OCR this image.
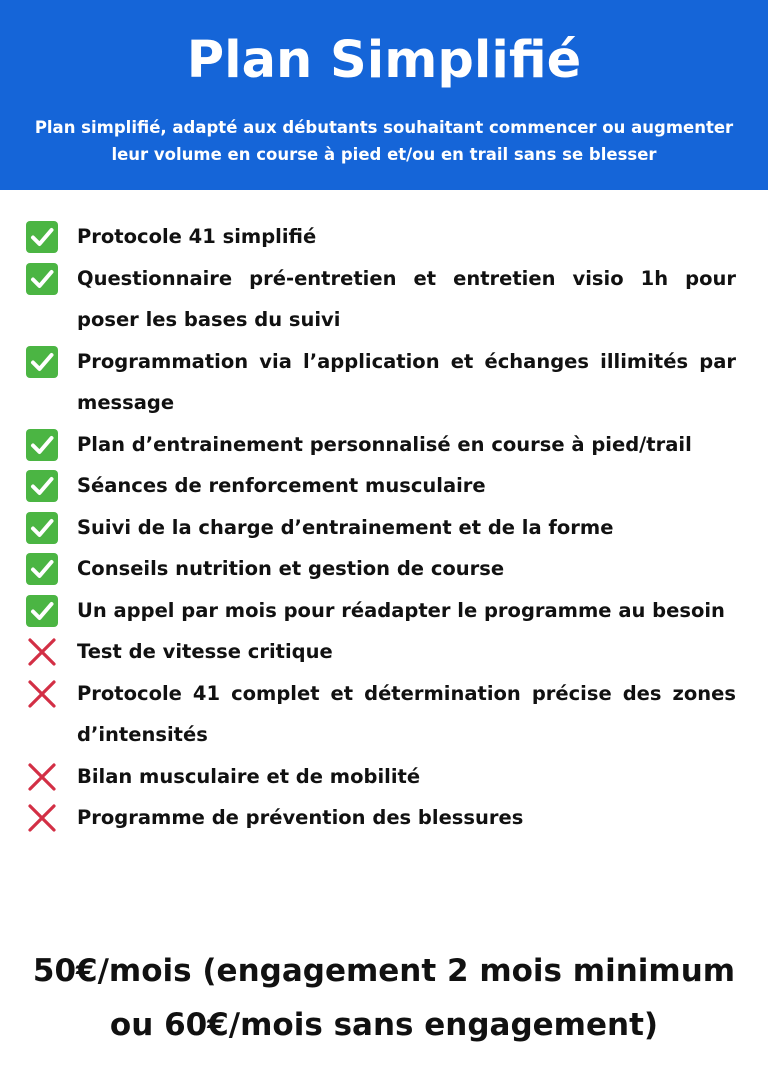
Plan Simplifié

Plan simplifié, adapté aux débutants souhaitant commencer ou augmenter leur volume en course à pied et/ou en trail sans se blesser

Protocole 41 simplifié
Questionnaire pré-entretien et entretien visio 1h pour poser les bases du suivi
Programmation via l’application et échanges illimités par message
Plan d’entrainement personnalisé en course à pied/trail
Séances de renforcement musculaire
Suivi de la charge d’entrainement et de la forme
Conseils nutrition et gestion de course
Un appel par mois pour réadapter le programme au besoin
Test de vitesse critique
Protocole 41 complet et détermination précise des zones d’intensités
Bilan musculaire et de mobilité
Programme de prévention des blessures
50€/mois (engagement 2 mois minimum
ou 60€/mois sans engagement)
